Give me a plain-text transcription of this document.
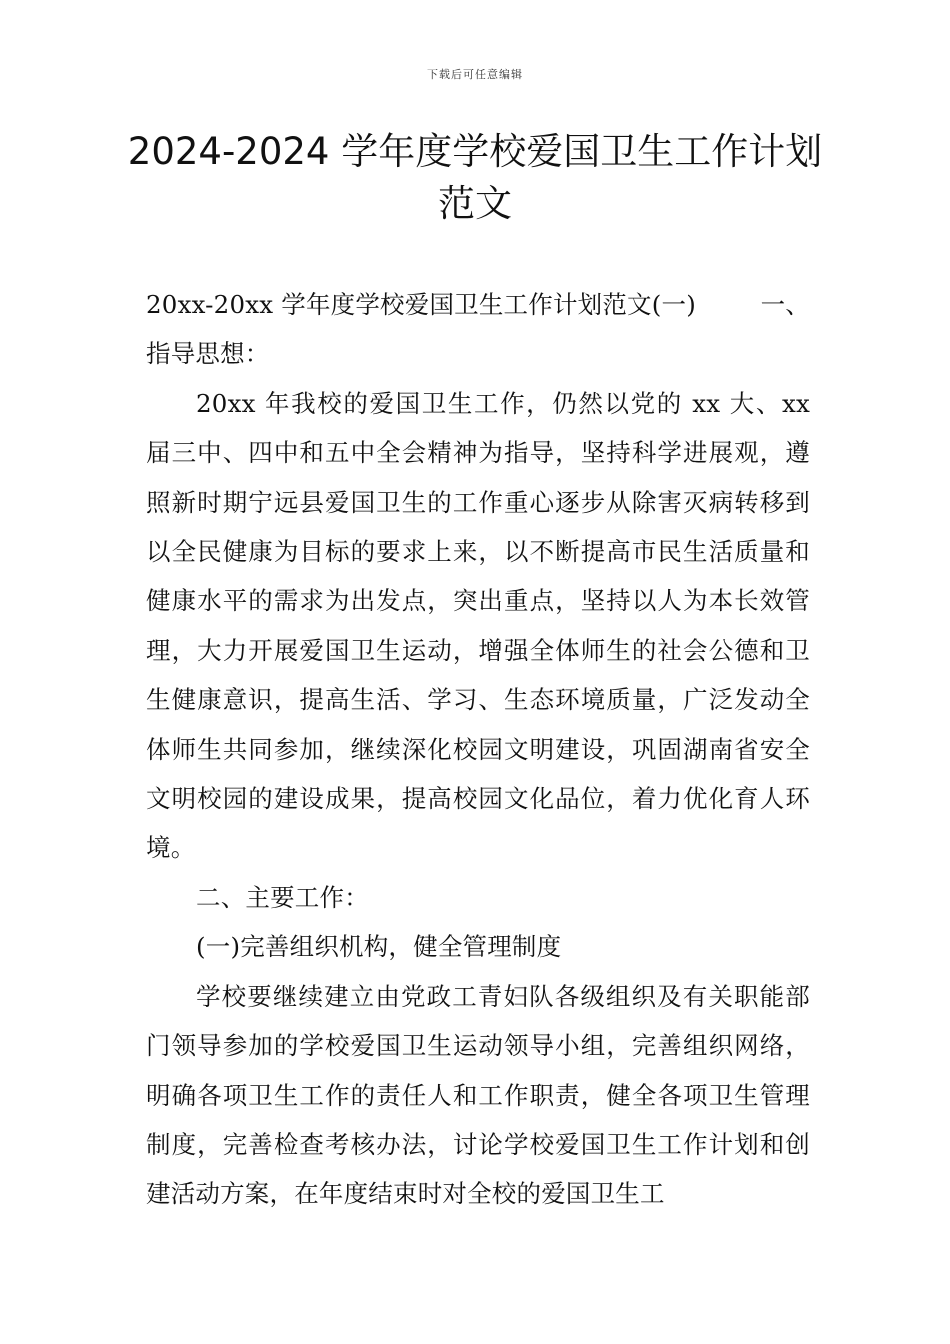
下载后可任意编辑
2024-2024 学年度学校爱国卫生工作计划范文

20xx-20xx 学年度学校爱国卫生工作计划范文(一)	一、

指导思想：

20xx 年我校的爱国卫生工作，仍然以党的 xx 大、xx 届三中、四中和五中全会精神为指导，坚持科学进展观，遵照新时期宁远县爱国卫生的工作重心逐步从除害灭病转移到以全民健康为目标的要求上来，以不断提高市民生活质量和健康水平的需求为出发点，突出重点，坚持以人为本长效管理，大力开展爱国卫生运动，增强全体师生的社会公德和卫生健康意识，提高生活、学习、生态环境质量，广泛发动全体师生共同参加，继续深化校园文明建设，巩固湖南省安全文明校园的建设成果，提高校园文化品位，着力优化育人环境。

二、主要工作：

(一)完善组织机构，健全管理制度

学校要继续建立由党政工青妇队各级组织及有关职能部门领导参加的学校爱国卫生运动领导小组，完善组织网络，明确各项卫生工作的责任人和工作职责，健全各项卫生管理制度，完善检查考核办法，讨论学校爱国卫生工作计划和创建活动方案，在年度结束时对全校的爱国卫生工
